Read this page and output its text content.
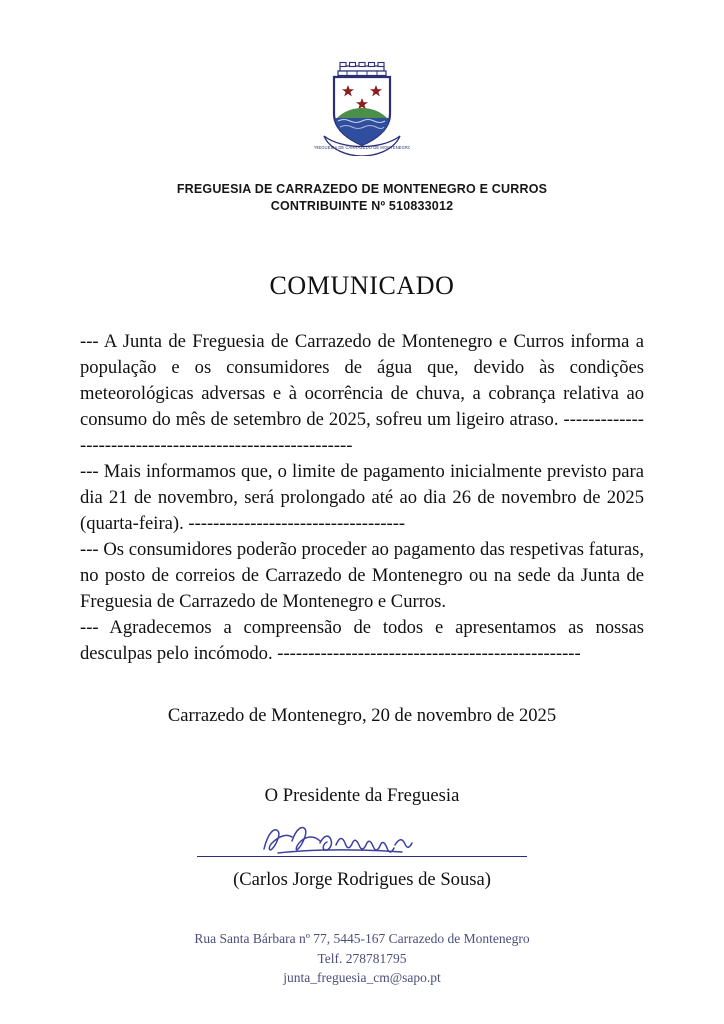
FREGUESIA DE CARRAZEDO DE MONTENEGRO
FREGUESIA DE CARRAZEDO DE MONTENEGRO E CURROS
CONTRIBUINTE Nº 510833012
COMUNICADO

--- A Junta de Freguesia de Carrazedo de Montenegro e Curros informa a população e os consumidores de água que, devido às condições meteorológicas adversas e à ocorrência de chuva, a cobrança relativa ao consumo do mês de setembro de 2025, sofreu um ligeiro atraso. ---------------------------------------------------------

--- Mais informamos que, o limite de pagamento inicialmente previsto para dia 21 de novembro, será prolongado até ao dia 26 de novembro de 2025 (quarta-feira). -----------------------------------

--- Os consumidores poderão proceder ao pagamento das respetivas faturas, no posto de correios de Carrazedo de Montenegro ou na sede da Junta de Freguesia de Carrazedo de Montenegro e Curros.

--- Agradecemos a compreensão de todos e apresentamos as nossas desculpas pelo incómodo. -------------------------------------------------

Carrazedo de Montenegro, 20 de novembro de 2025
O Presidente da Freguesia
(Carlos Jorge Rodrigues de Sousa)
Rua Santa Bárbara nº 77, 5445-167 Carrazedo de Montenegro
Telf. 278781795
junta_freguesia_cm@sapo.pt
